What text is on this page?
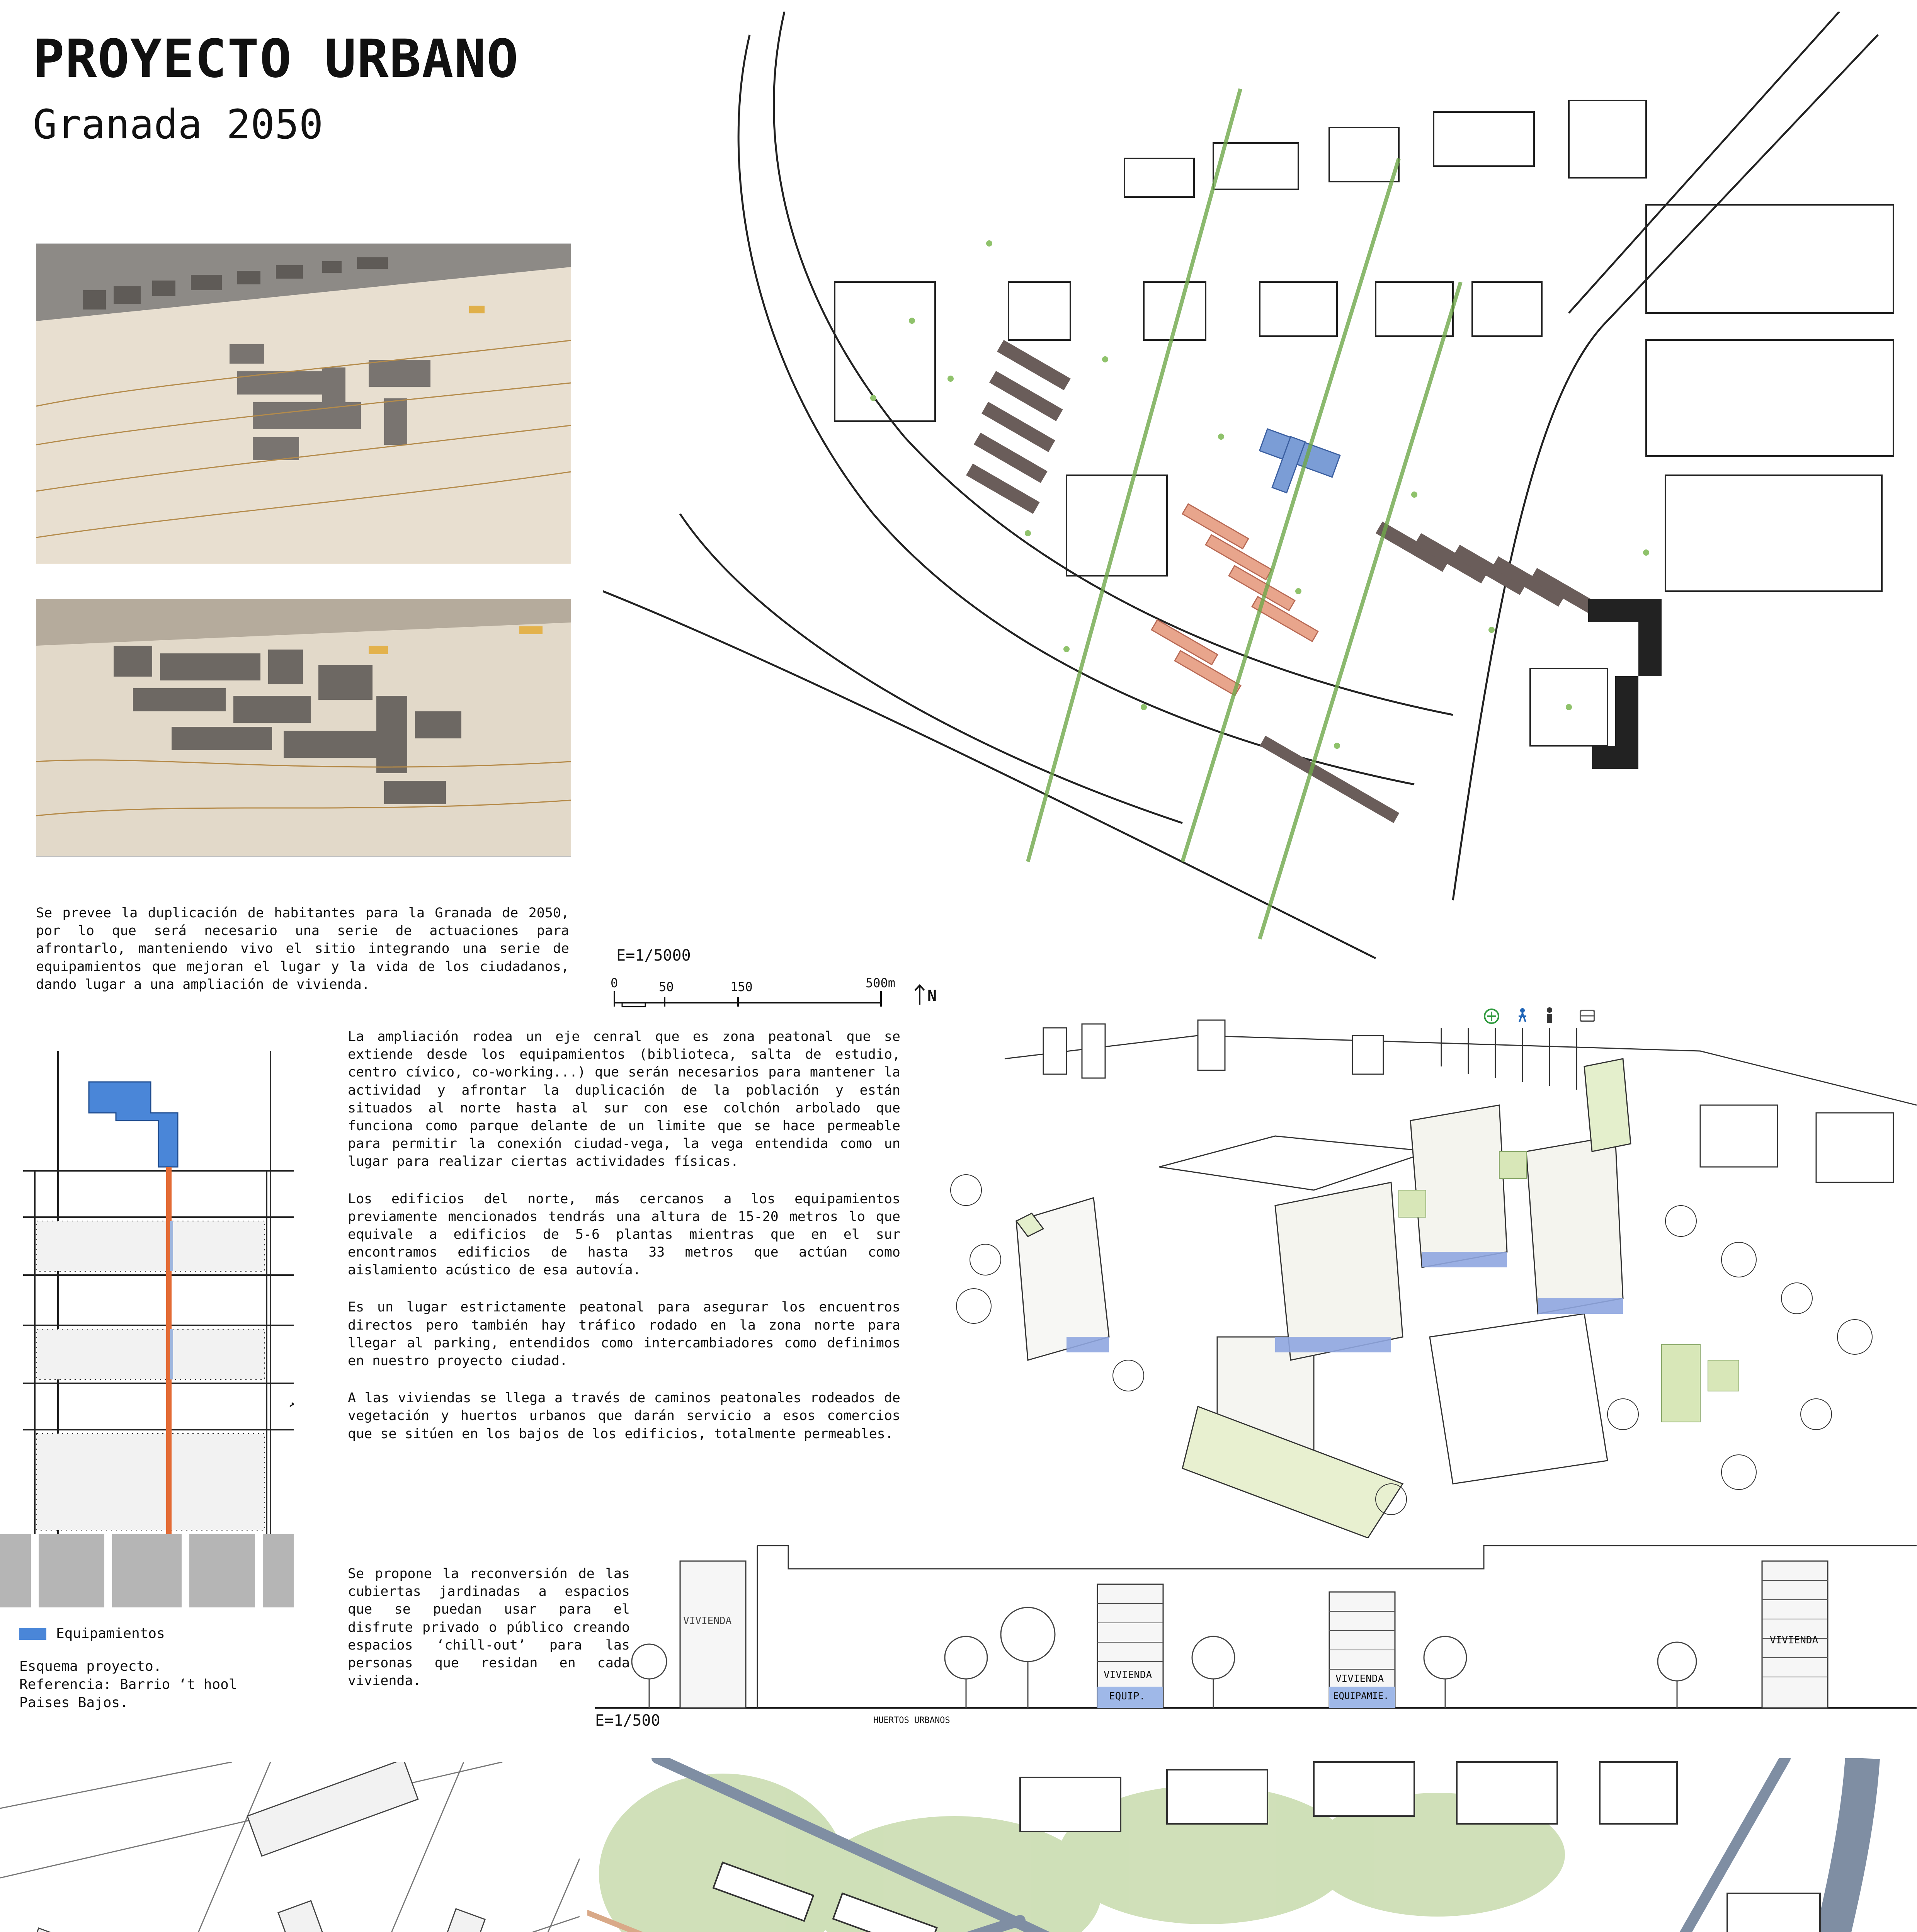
PROYECTO URBANO
Granada 2050

Se prevee la duplicación de habitantes para la Granada de 2050, por lo que será necesario una serie de actuaciones para afrontarlo, manteniendo vivo el sitio integrando una serie de equipamientos que mejoran el lugar y la vida de los ciudadanos, dando lugar a una ampliación de vivienda.

E=1/5000
0	50	150	500m
N
Equipamientos
Esquema proyecto.
Referencia: Barrio ‘t hool
Paises Bajos.

La ampliación rodea un eje cenral que es zona peatonal que se extiende desde los equipamientos (biblioteca, salta de estudio, centro cívico, co-working...) que serán necesarios para mantener la actividad y afrontar la duplicación de la población y están situados al norte hasta al sur con ese colchón arbolado que funciona como parque delante de un limite que se hace permeable para permitir la conexión ciudad-vega, la vega entendida como un lugar para realizar ciertas actividades físicas.

Los edificios del norte, más cercanos a los equipamientos previamente mencionados tendrás una altura de 15-20 metros lo que equivale a edificios de 5-6 plantas mientras que en el sur encontramos edificios de hasta 33 metros que actúan como aislamiento acústico de esa autovía.

Es un lugar estrictamente peatonal para asegurar los encuentros directos pero también hay tráfico rodado en la zona norte para llegar al parking, entendidos como intercambiadores como definimos en nuestro proyecto ciudad.

A las viviendas se llega a través de caminos peatonales rodeados de vegetación y huertos urbanos que darán servicio a esos comercios que se sitúen en los bajos de los edificios, totalmente permeables.

Se propone la reconversión de las cubiertas jardinadas a espacios que se puedan usar para el disfrute privado o público creando espacios ‘chill-out’ para las personas que residan en cada vivienda.

VIVIENDA
VIVIENDA
EQUIP.
VIVIENDA
EQUIPAMIE.
VIVIENDA
HUERTOS URBANOS
E=1/500
